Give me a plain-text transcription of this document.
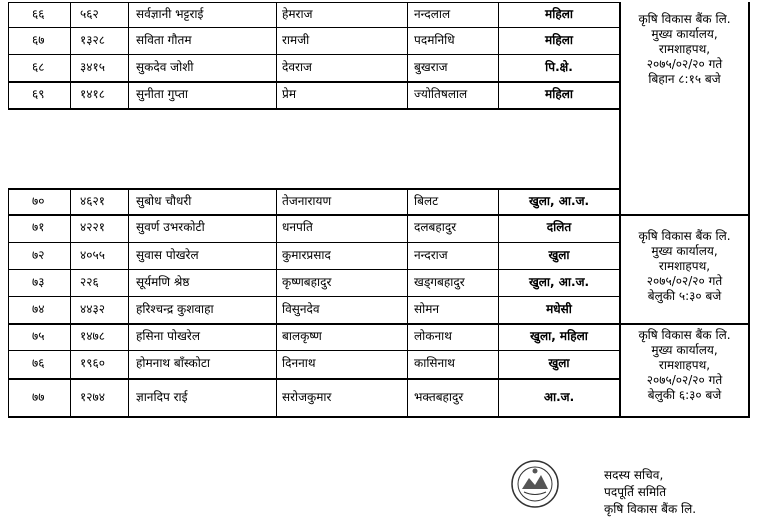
६६	५६२	सर्वज्ञानी भट्टराई	हेमराज	नन्दलाल	महिला
६७	१३२८	सविता गौतम	रामजी	पदमनिधि	महिला
६८	३४१५	सुकदेव जोशी	देवराज	बुखराज	पि.क्षे.
६९	१४१८	सुनीता गुप्ता	प्रेम	ज्योतिषलाल	महिला
७०	४६२१	सुबोध चौधरी	तेजनारायण	बिलट	खुला, आ.ज.
७१	४२२१	सुवर्ण उभरकोटी	धनपति	दलबहादुर	दलित
७२	४०५५	सुवास पोखरेल	कुमारप्रसाद	नन्दराज	खुला
७३	२२६	सूर्यमणि श्रेष्ठ	कृष्णबहादुर	खड्गबहादुर	खुला, आ.ज.
७४	४४३२	हरिश्चन्द्र कुशवाहा	विसुनदेव	सोमन	मधेसी
७५	१४७८	हसिना पोखरेल	बालकृष्ण	लोकनाथ	खुला, महिला
७६	१९६०	होमनाथ बाँस्कोटा	दिननाथ	कासिनाथ	खुला
७७	१२७४	ज्ञानदिप राई	सरोजकुमार	भक्तबहादुर	आ.ज.
कृषि विकास बैंक लि.
मुख्य कार्यालय,
रामशाहपथ,
२०७५/०२/२० गते
बिहान ८:१५ बजे
कृषि विकास बैंक लि.
मुख्य कार्यालय,
रामशाहपथ,
२०७५/०२/२० गते
बेलुकी ५:३० बजे
कृषि विकास बैंक लि.
मुख्य कार्यालय,
रामशाहपथ,
२०७५/०२/२० गते
बेलुकी ६:३० बजे
सदस्य सचिव,
पदपूर्ति समिति
कृषि विकास बैंक लि.
